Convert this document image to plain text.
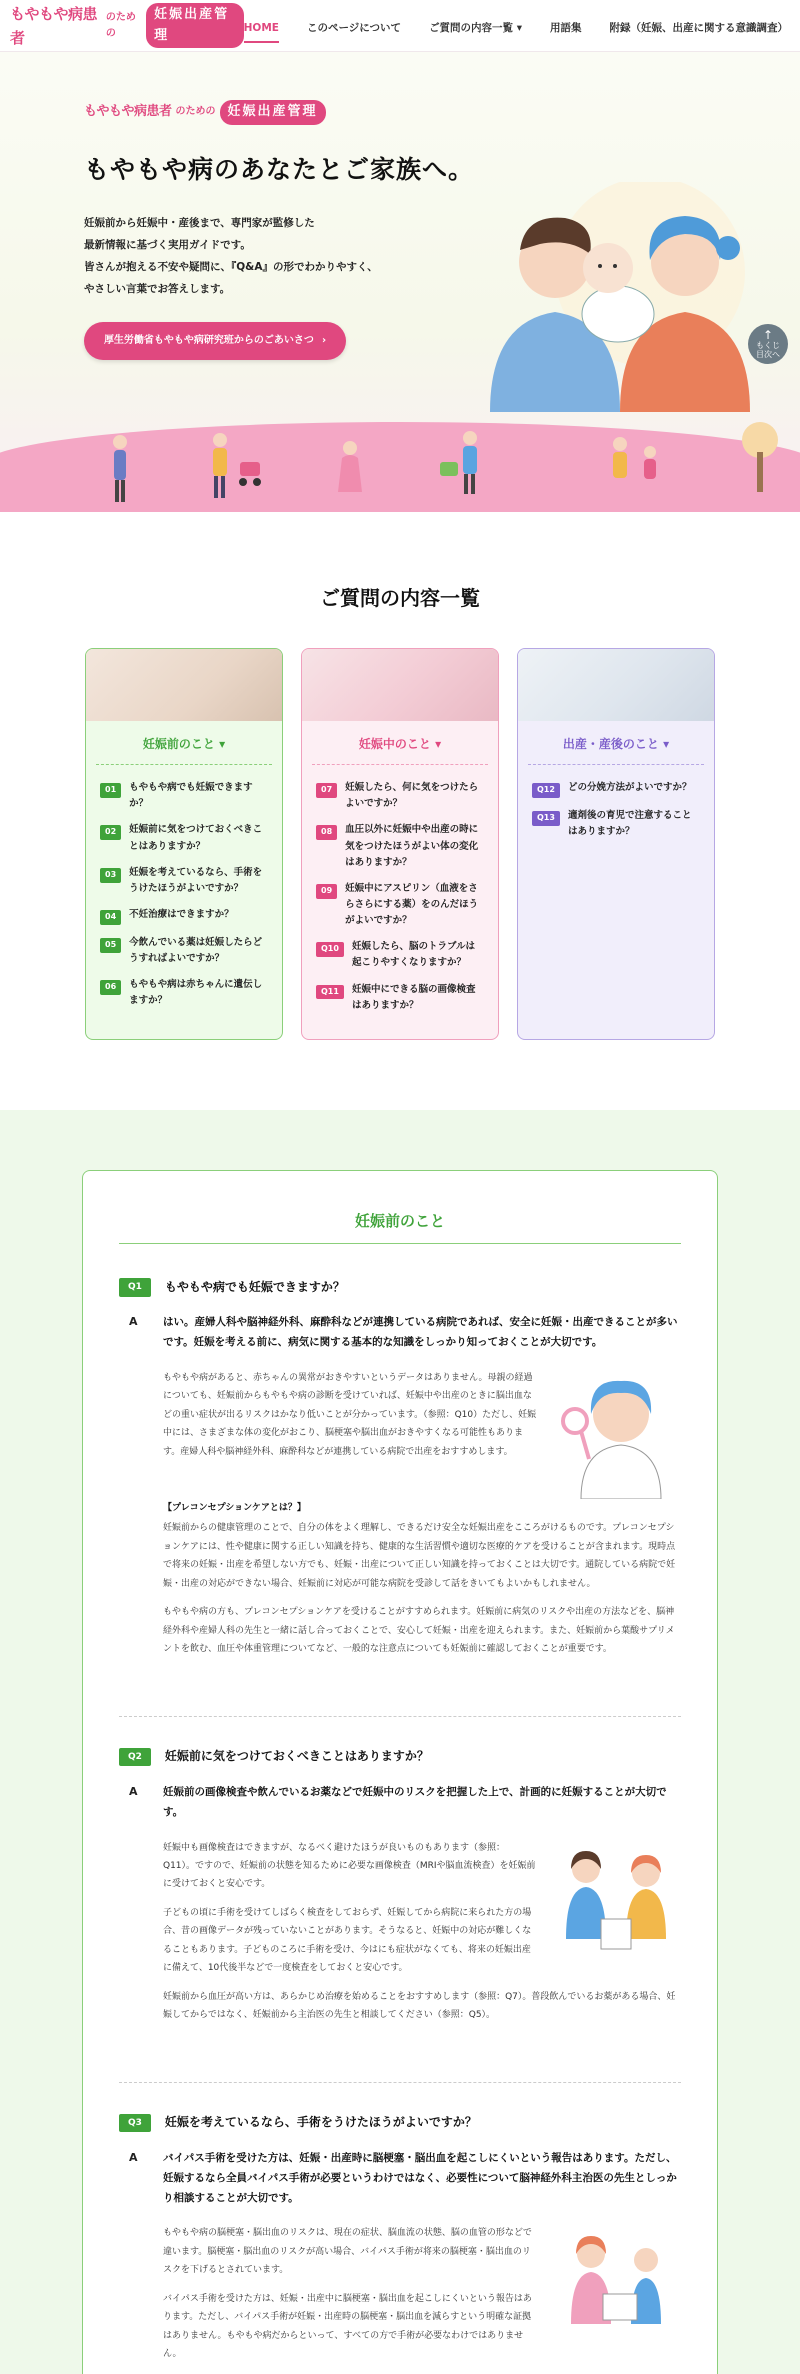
もやもや病患者
のための
妊娠出産管理	HOME	このページについて	ご質問の内容一覧 ▾	用語集	附録（妊娠、出産に関する意識調査）
もやもや病患者 のための 妊娠出産管理
もやもや病のあなたとご家族へ。

妊娠前から妊娠中・産後まで、専門家が監修した

最新情報に基づく実用ガイドです。

皆さんが抱える不安や疑問に、『Q&A』の形でわかりやすく、

やさしい言葉でお答えします。

厚生労働省もやもや病研究班からのごあいさつ ›	↑
もくじ
目次へ
ご質問の内容一覧
妊娠前のこと ▾
01	もやもや病でも妊娠できますか？
02	妊娠前に気をつけておくべきことはありますか？
03	妊娠を考えているなら、手術をうけたほうがよいですか？
04	不妊治療はできますか？
05	今飲んでいる薬は妊娠したらどうすればよいですか？
06	もやもや病は赤ちゃんに遺伝しますか？
妊娠中のこと ▾
07	妊娠したら、何に気をつけたらよいですか？
08	血圧以外に妊娠中や出産の時に気をつけたほうがよい体の変化はありますか？
09	妊娠中にアスピリン（血液をさらさらにする薬）をのんだほうがよいですか？
Q10	妊娠したら、脳のトラブルは起こりやすくなりますか？
Q11	妊娠中にできる脳の画像検査はありますか？
出産・産後のこと ▾
Q12	どの分娩方法がよいですか？
Q13	適剤後の育児で注意することはありますか？
妊娠前のこと
Q1	もやもや病でも妊娠できますか？
A はい。産婦人科や脳神経外科、麻酔科などが連携している病院であれば、安全に妊娠・出産できることが多いです。妊娠を考える前に、病気に関する基本的な知識をしっかり知っておくことが大切です。

もやもや病があると、赤ちゃんの異常がおきやすいというデータはありません。母親の経過についても、妊娠前からもやもや病の診断を受けていれば、妊娠中や出産のときに脳出血などの重い症状が出るリスクはかなり低いことが分かっています。（参照：Q10）ただし、妊娠中には、さまざまな体の変化がおこり、脳梗塞や脳出血がおきやすくなる可能性もあります。産婦人科や脳神経外科、麻酔科などが連携している病院で出産をおすすめします。

【プレコンセプションケアとは？】

妊娠前からの健康管理のことで、自分の体をよく理解し、できるだけ安全な妊娠出産をこころがけるものです。プレコンセプションケアには、性や健康に関する正しい知識を持ち、健康的な生活習慣や適切な医療的ケアを受けることが含まれます。現時点で将来の妊娠・出産を希望しない方でも、妊娠・出産について正しい知識を持っておくことは大切です。通院している病院で妊娠・出産の対応ができない場合、妊娠前に対応が可能な病院を受診して話をきいてもよいかもしれません。

もやもや病の方も、プレコンセプションケアを受けることがすすめられます。妊娠前に病気のリスクや出産の方法などを、脳神経外科や産婦人科の先生と一緒に話し合っておくことで、安心して妊娠・出産を迎えられます。また、妊娠前から葉酸サプリメントを飲む、血圧や体重管理についてなど、一般的な注意点についても妊娠前に確認しておくことが重要です。

Q2	妊娠前に気をつけておくべきことはありますか？
A 妊娠前の画像検査や飲んでいるお薬などで妊娠中のリスクを把握した上で、計画的に妊娠することが大切です。

妊娠中も画像検査はできますが、なるべく避けたほうが良いものもあります（参照：Q11）。ですので、妊娠前の状態を知るために必要な画像検査（MRIや脳血流検査）を妊娠前に受けておくと安心です。

子どもの頃に手術を受けてしばらく検査をしておらず、妊娠してから病院に来られた方の場合、昔の画像データが残っていないことがあります。そうなると、妊娠中の対応が難しくなることもあります。子どものころに手術を受け、今はにも症状がなくても、将来の妊娠出産に備えて、10代後半などで一度検査をしておくと安心です。

妊娠前から血圧が高い方は、あらかじめ治療を始めることをおすすめします（参照：Q7）。普段飲んでいるお薬がある場合、妊娠してからではなく、妊娠前から主治医の先生と相談してください（参照：Q5）。

Q3	妊娠を考えているなら、手術をうけたほうがよいですか？
A バイパス手術を受けた方は、妊娠・出産時に脳梗塞・脳出血を起こしにくいという報告はあります。ただし、妊娠するなら全員バイパス手術が必要というわけではなく、必要性について脳神経外科主治医の先生としっかり相談することが大切です。

もやもや病の脳梗塞・脳出血のリスクは、現在の症状、脳血流の状態、脳の血管の形などで違います。脳梗塞・脳出血のリスクが高い場合、バイパス手術が将来の脳梗塞・脳出血のリスクを下げるとされています。

バイパス手術を受けた方は、妊娠・出産中に脳梗塞・脳出血を起こしにくいという報告はあります。ただし、バイパス手術が妊娠・出産時の脳梗塞・脳出血を減らすという明確な証拠はありません。もやもや病だからといって、すべての方で手術が必要なわけではありません。
